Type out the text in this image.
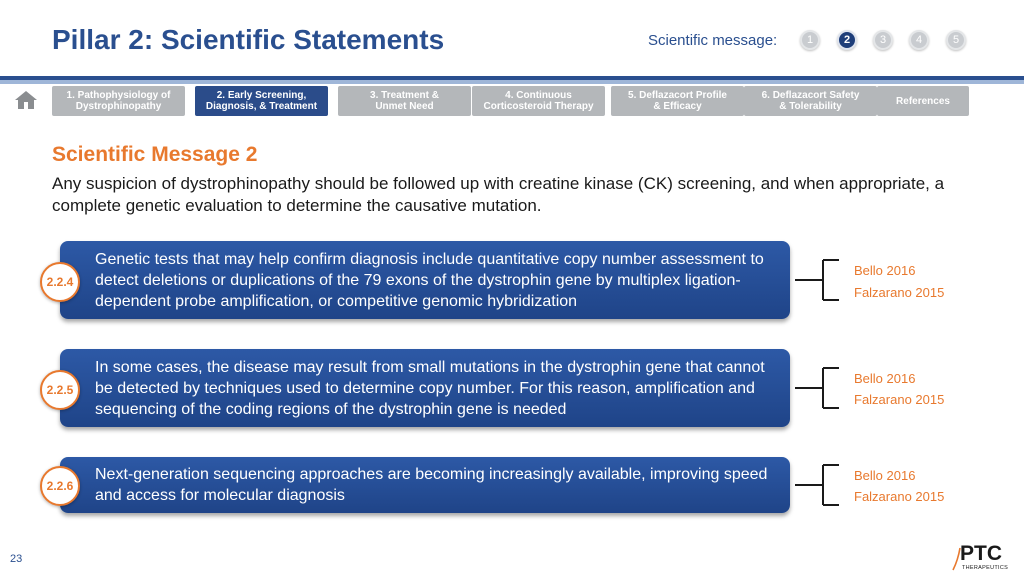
Pillar 2: Scientific Statements	Scientific message:	1	2	3	4	5
1. Pathophysiology of
Dystrophinopathy
2. Early Screening,
Diagnosis, & Treatment
3. Treatment &
Unmet Need
4. Continuous
Corticosteroid Therapy
5. Deflazacort Profile
& Efficacy
6. Deflazacort Safety
& Tolerability	References
Scientific Message 2
Any suspicion of dystrophinopathy should be followed up with creatine kinase (CK) screening, and when appropriate, a complete genetic evaluation to determine the causative mutation.
Genetic tests that may help confirm diagnosis include quantitative copy number assessment to detect deletions or duplications of the 79 exons of the dystrophin gene by multiplex ligation-dependent probe amplification, or competitive genomic hybridization
2.2.4
Bello 2016
Falzarano 2015
In some cases, the disease may result from small mutations in the dystrophin gene that cannot be detected by techniques used to determine copy number. For this reason, amplification and sequencing of the coding regions of the dystrophin gene is needed
2.2.5
Bello 2016
Falzarano 2015
Next-generation sequencing approaches are becoming increasingly available, improving speed and access for molecular diagnosis
2.2.6
Bello 2016
Falzarano 2015
23	PTC
THERAPEUTICS
